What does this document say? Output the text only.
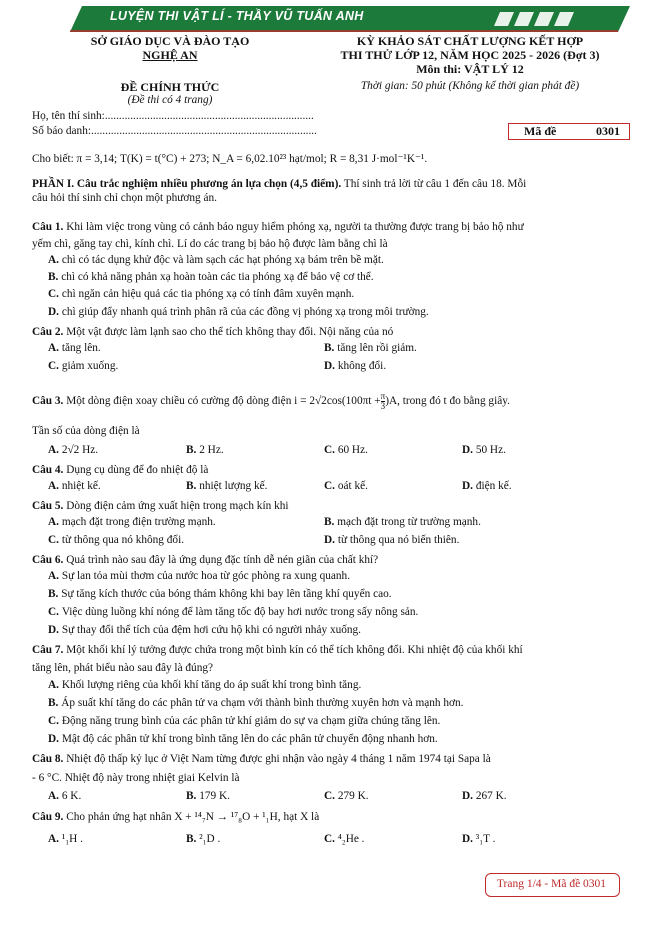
LUYỆN THI VẬT LÍ - THẦY VŨ TUẤN ANH
SỞ GIÁO DỤC VÀ ĐÀO TẠO
NGHỆ AN
KỲ KHẢO SÁT CHẤT LƯỢNG KẾT HỢP
THI THỬ LỚP 12, NĂM HỌC 2025 - 2026 (Đợt 3)
Môn thi: VẬT LÝ 12
ĐỀ CHÍNH THỨC
(Đề thi có 4 trang)
Thời gian: 50 phút (Không kể thời gian phát đề)
Họ, tên thí sinh:..........................................................................
Số báo danh:................................................................................	Mã đề	0301
Cho biết: π = 3,14; T(K) = t(°C) + 273; N_A = 6,02.10²³ hạt/mol; R = 8,31 J·mol⁻¹K⁻¹.
PHẦN I. Câu trắc nghiệm nhiều phương án lựa chọn (4,5 điểm). Thí sinh trả lời từ câu 1 đến câu 18. Mỗi
câu hỏi thí sinh chỉ chọn một phương án.
Câu 1. Khi làm việc trong vùng có cảnh báo nguy hiểm phóng xạ, người ta thường được trang bị bảo hộ như
yếm chì, găng tay chì, kính chì. Lí do các trang bị bảo hộ được làm bằng chì là
A. chì có tác dụng khử độc và làm sạch các hạt phóng xạ bám trên bề mặt.
B. chì có khả năng phản xạ hoàn toàn các tia phóng xạ để bảo vệ cơ thể.
C. chì ngăn cản hiệu quả các tia phóng xạ có tính đâm xuyên mạnh.
D. chì giúp đẩy nhanh quá trình phân rã của các đồng vị phóng xạ trong môi trường.
Câu 2. Một vật được làm lạnh sao cho thể tích không thay đổi. Nội năng của nó
A. tăng lên.	B. tăng lên rồi giảm.
C. giảm xuống.	D. không đổi.
Câu 3. Một dòng điện xoay chiều có cường độ dòng điện $i = 2√2\cos(100\pi t + \frac{\pi}{3} )A$, trong đó t đo bằng giây.
Tần số của dòng điện là
A. 2√2 Hz.	B. 2 Hz.	C. 60 Hz.	D. 50 Hz.
Câu 4. Dụng cụ dùng để đo nhiệt độ là
A. nhiệt kế.	B. nhiệt lượng kế.	C. oát kế.	D. điện kế.
Câu 5. Dòng điện cảm ứng xuất hiện trong mạch kín khi
A. mạch đặt trong điện trường mạnh.	B. mạch đặt trong từ trường mạnh.
C. từ thông qua nó không đổi.	D. từ thông qua nó biến thiên.
Câu 6. Quá trình nào sau đây là ứng dụng đặc tính dễ nén giãn của chất khí?
A. Sự lan tỏa mùi thơm của nước hoa từ góc phòng ra xung quanh.
B. Sự tăng kích thước của bóng thám không khi bay lên tầng khí quyển cao.
C. Việc dùng luồng khí nóng để làm tăng tốc độ bay hơi nước trong sấy nông sản.
D. Sự thay đổi thể tích của đệm hơi cứu hộ khi có người nhảy xuống.
Câu 7. Một khối khí lý tưởng được chứa trong một bình kín có thể tích không đổi. Khi nhiệt độ của khối khí
tăng lên, phát biểu nào sau đây là đúng?
A. Khối lượng riêng của khối khí tăng do áp suất khí trong bình tăng.
B. Áp suất khí tăng do các phân tử va chạm với thành bình thường xuyên hơn và mạnh hơn.
C. Động năng trung bình của các phân tử khí giảm do sự va chạm giữa chúng tăng lên.
D. Mật độ các phân tử khí trong bình tăng lên do các phân tử chuyển động nhanh hơn.
Câu 8. Nhiệt độ thấp kỷ lục ở Việt Nam từng được ghi nhận vào ngày 4 tháng 1 năm 1974 tại Sapa là
- 6 °C. Nhiệt độ này trong nhiệt giai Kelvin là
A. 6 K.	B. 179 K.	C. 279 K.	D. 267 K.
Câu 9. Cho phản ứng hạt nhân X + ¹⁴₇N → ¹⁷₈O + ¹₁H, hạt X là
A. ¹₁H .	B. ²₁D .	C. ⁴₂He .	D. ³₁T .
Trang 1/4 - Mã đề 0301
